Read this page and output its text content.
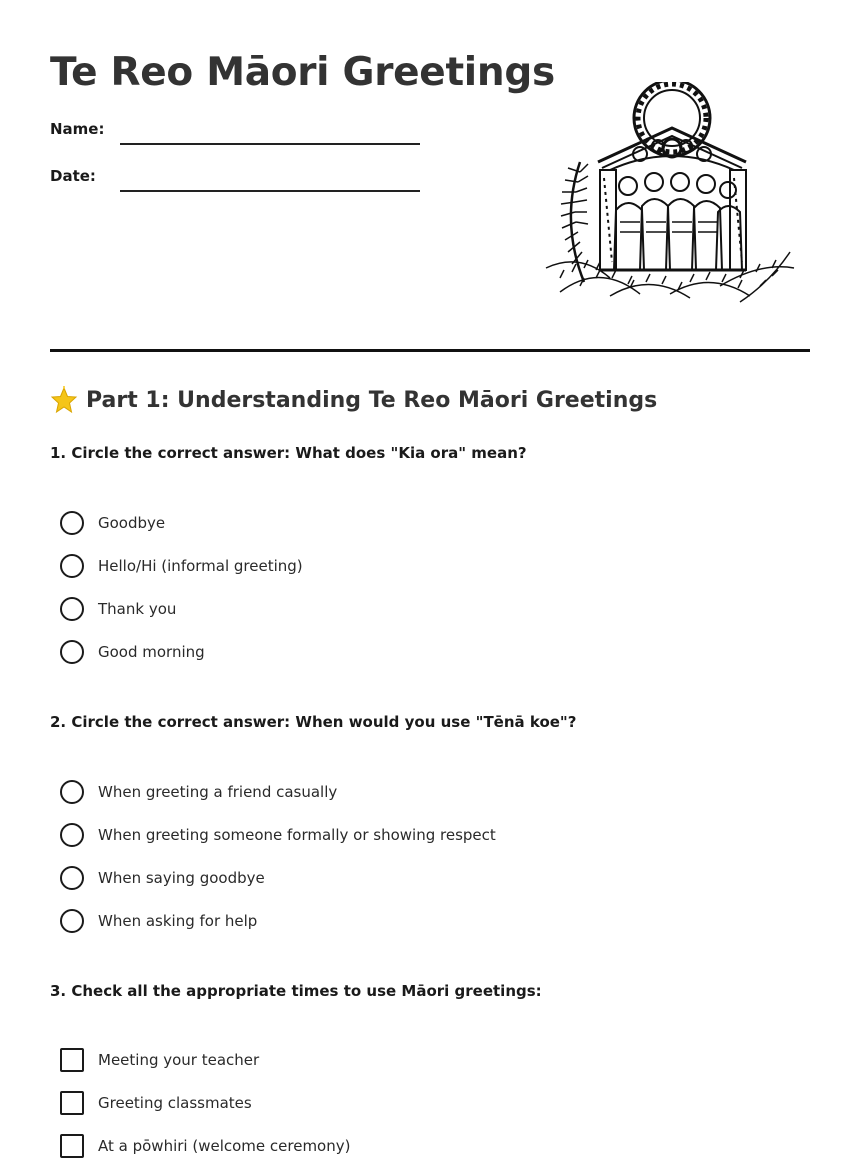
Te Reo Māori Greetings
Name:
Date:
Part 1: Understanding Te Reo Māori Greetings

1. Circle the correct answer: What does "Kia ora" mean?

Goodbye
Hello/Hi (informal greeting)
Thank you
Good morning

2. Circle the correct answer: When would you use "Tēnā koe"?

When greeting a friend casually
When greeting someone formally or showing respect
When saying goodbye
When asking for help

3. Check all the appropriate times to use Māori greetings:

Meeting your teacher
Greeting classmates
At a pōwhiri (welcome ceremony)
